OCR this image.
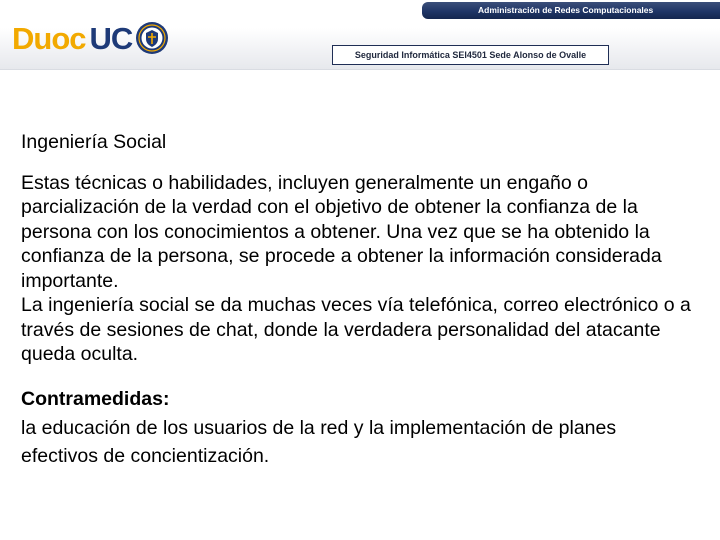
Administración de Redes Computacionales
Duoc UC	Seguridad Informática SEI4501 Sede Alonso de Ovalle

Ingeniería Social

Estas técnicas o habilidades, incluyen generalmente un engaño o parcialización de la verdad con el objetivo de obtener la confianza de la persona con los conocimientos a obtener. Una vez que se ha obtenido la confianza de la persona, se procede a obtener la información considerada importante.

La ingeniería social se da muchas veces vía telefónica, correo electrónico o a través de sesiones de chat, donde la verdadera personalidad del atacante queda oculta.

Contramedidas:

la educación de los usuarios de la red y la implementación de planes efectivos de concientización.
